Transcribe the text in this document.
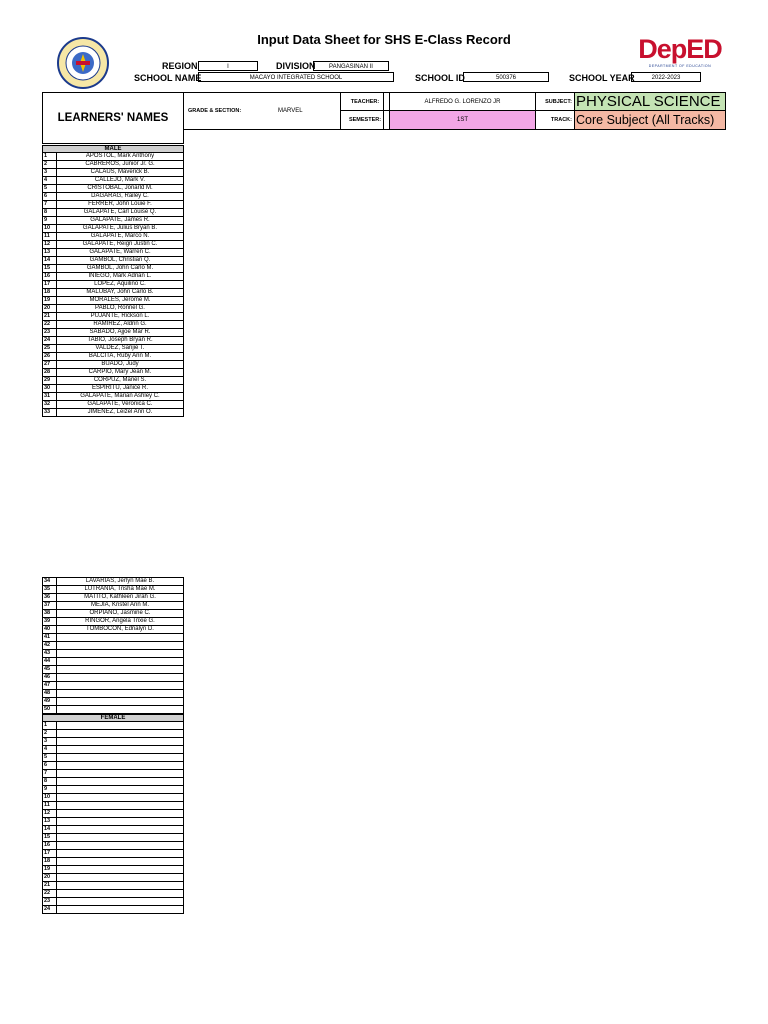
Input Data Sheet for SHS E-Class Record	DepED
DEPARTMENT OF EDUCATION
REGION	I	DIVISION	PANGASINAN II
SCHOOL NAME	MACAYO INTEGRATED SCHOOL	SCHOOL ID	500376	SCHOOL YEAR	2022-2023
LEARNERS' NAMES
GRADE & SECTION:	MARVEL
TEACHER:	ALFREDO G. LORENZO JR
SEMESTER:	1ST
SUBJECT: PHYSICAL SCIENCE
TRACK: Core Subject (All Tracks)
MALE
1	APOSTOL, Mark Anthony
2	CABREROS, Junior Jr. G.
3	CALAUS, Maverick B.
4	CALLEJO, Mark V.
5	CRISTOBAL, Jonarld M.
6	DAGARAG, Railey C.
7	FERRER, John Louie F.
8	GALAPATE, Carl Louise Q.
9	GALAPATE, James R.
10	GALAPATE, Julius Bryan B.
11	GALAPATE, Marco N.
12	GALAPATE, Reign Justin C.
13	GALAPATE, Warren C.
14	GAMBOL, Christian Q.
15	GAMBOL, John Carlo M.
16	INIEGO, Mark Adrian L.
17	LOPEZ, Aquilino C.
18	MALUBAY, John Carlo B.
19	MORALES, Jerome M.
20	PABLO, Ronnel G.
21	PUJANTE, Rickson L.
22	RAMIREZ, Aldrin G.
23	SABADO, Ajjoe Mar R.
24	TABIO, Joseph Bryan R.
25	VALDEZ, Sanjie T.
26	BALCITA, Ruby Ann M.
27	BUADO, Judy
28	CARPIO, Mary Jean M.
29	CORPUZ, Mariel S.
30	ESPIRITU, Janice R.
31	GALAPATE, Marian Ashley C.
32	GALAPATE, Veronica C.
33	JIMENEZ, Leizel Ann O.
34	LAVARIAS, Jerlyn Mae B.
35	LUTRANIA, Trisha Mae M.
36	MATITO, Kathleen Jirah G.
37	MEJIA, Kristel Ann M.
38	ORPIANO, Jasmine C.
39	RINGOR, Angela Trixie G.
40	TOMBOCON, Ednalyn D.
41
42
43
44
45
46
47
48
49
50
FEMALE
1
2
3
4
5
6
7
8
9
10
11
12
13
14
15
16
17
18
19
20
21
22
23
24
